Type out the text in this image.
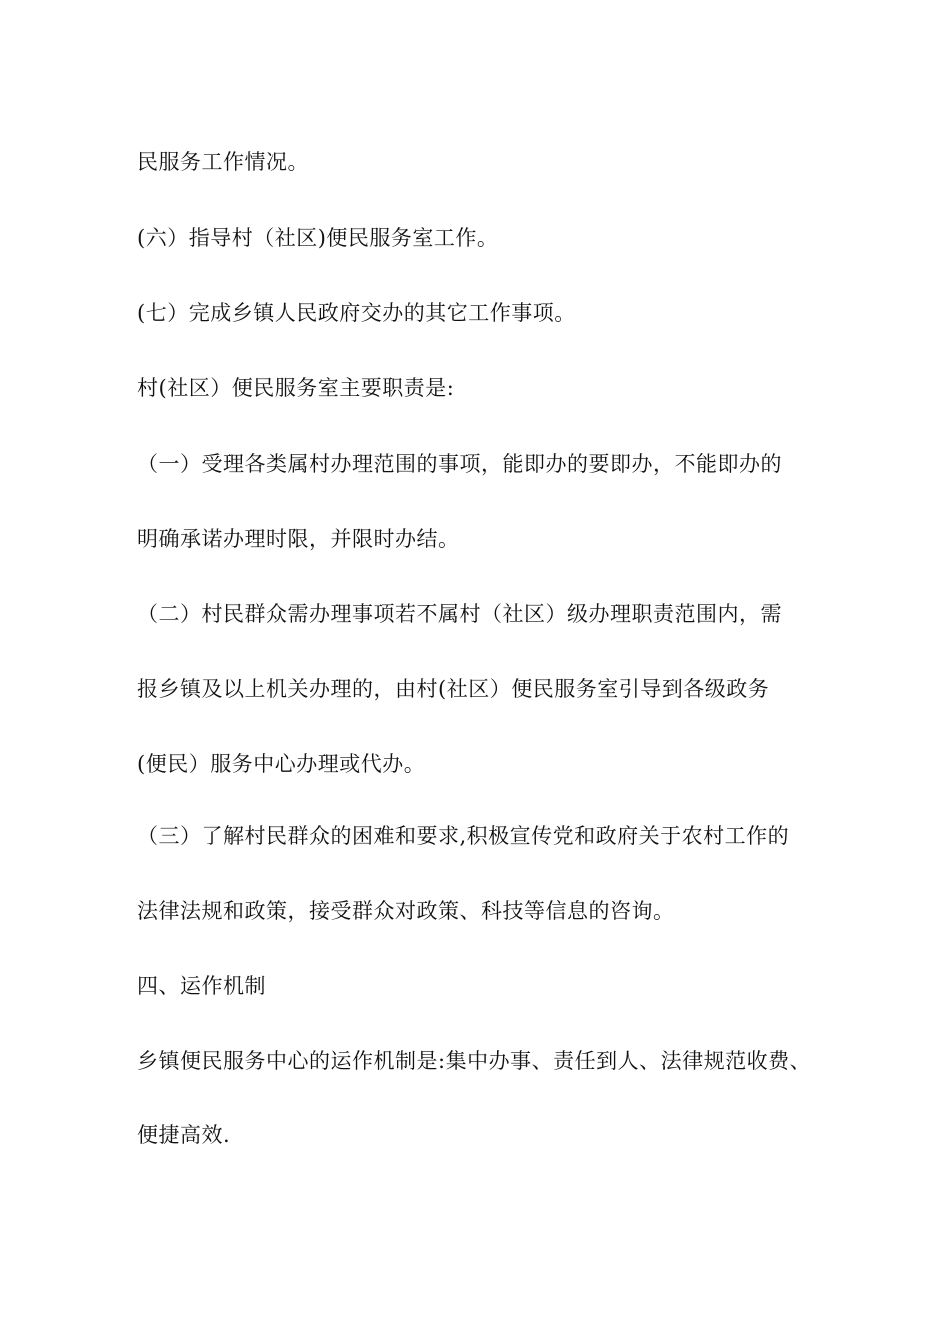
民服务工作情况。
(六）指导村（社区)便民服务室工作。
(七）完成乡镇人民政府交办的其它工作事项。
村(社区）便民服务室主要职责是:
（一）受理各类属村办理范围的事项，能即办的要即办，不能即办的
明确承诺办理时限，并限时办结。
（二）村民群众需办理事项若不属村（社区）级办理职责范围内，需
报乡镇及以上机关办理的，由村(社区）便民服务室引导到各级政务
(便民）服务中心办理或代办。
（三）了解村民群众的困难和要求,积极宣传党和政府关于农村工作的
法律法规和政策，接受群众对政策、科技等信息的咨询。
四、运作机制
乡镇便民服务中心的运作机制是:集中办事、责任到人、法律规范收费、
便捷高效.
